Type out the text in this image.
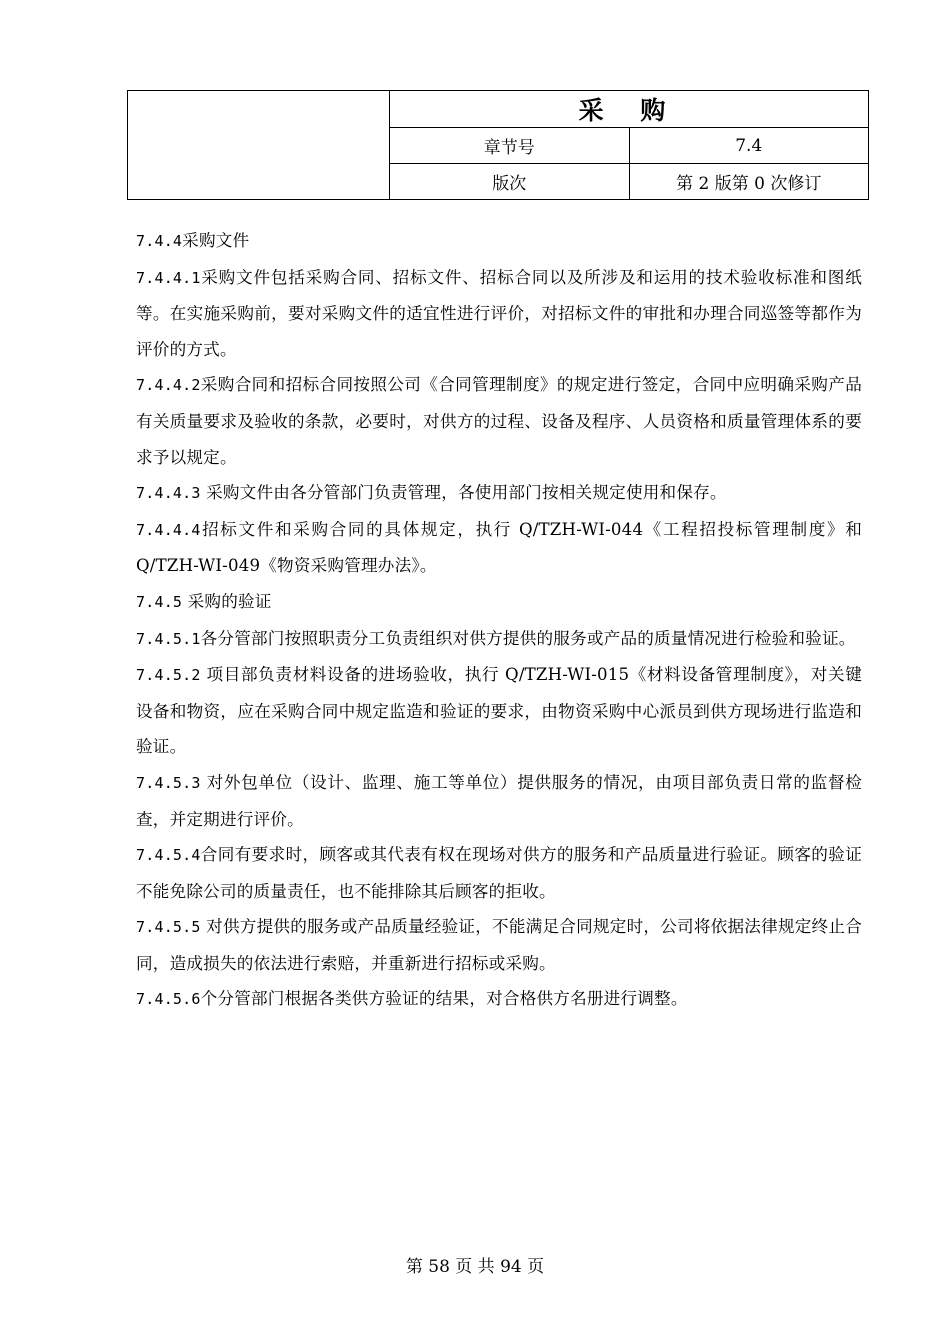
	采 购	
	章节号	7.4
	版次	第 2 版第 0 次修订

7.4.4采购文件

7.4.4.1采购文件包括采购合同、招标文件、招标合同以及所涉及和运用的技术验收标准和图纸等。在实施采购前，要对采购文件的适宜性进行评价，对招标文件的审批和办理合同巡签等都作为评价的方式。

7.4.4.2采购合同和招标合同按照公司《合同管理制度》的规定进行签定，合同中应明确采购产品有关质量要求及验收的条款，必要时，对供方的过程、设备及程序、人员资格和质量管理体系的要求予以规定。

7.4.4.3 采购文件由各分管部门负责管理，各使用部门按相关规定使用和保存。

7.4.4.4招标文件和采购合同的具体规定，执行 Q/TZH-WI-044《工程招投标管理制度》和 Q/TZH-WI-049《物资采购管理办法》。

7.4.5 采购的验证

7.4.5.1各分管部门按照职责分工负责组织对供方提供的服务或产品的质量情况进行检验和验证。

7.4.5.2 项目部负责材料设备的进场验收，执行 Q/TZH-WI-015《材料设备管理制度》，对关键设备和物资，应在采购合同中规定监造和验证的要求，由物资采购中心派员到供方现场进行监造和验证。

7.4.5.3 对外包单位（设计、监理、施工等单位）提供服务的情况，由项目部负责日常的监督检查，并定期进行评价。

7.4.5.4合同有要求时，顾客或其代表有权在现场对供方的服务和产品质量进行验证。顾客的验证不能免除公司的质量责任，也不能排除其后顾客的拒收。

7.4.5.5 对供方提供的服务或产品质量经验证，不能满足合同规定时，公司将依据法律规定终止合同，造成损失的依法进行索赔，并重新进行招标或采购。

7.4.5.6个分管部门根据各类供方验证的结果，对合格供方名册进行调整。

第 58 页 共 94 页
